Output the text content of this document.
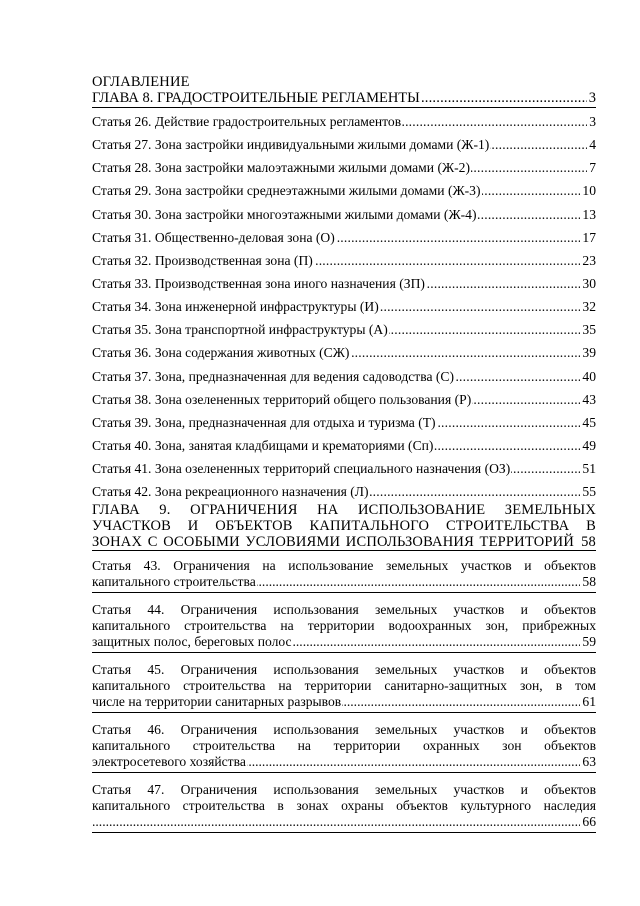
ОГЛАВЛЕНИЕ
.....
ГЛАВА 8. ГРАДОСТРОИТЕЛЬНЫЕ РЕГЛАМЕНТЫ	3
.....
Статья 26. Действие градостроительных регламентов	3
.....
Статья 27. Зона застройки индивидуальными жилыми домами (Ж-1)	4
.....
Статья 28. Зона застройки малоэтажными жилыми домами (Ж-2)	7
.....
Статья 29. Зона застройки среднеэтажными жилыми домами (Ж-3)	10
.....
Статья 30. Зона застройки многоэтажными жилыми домами (Ж-4)	13
.....
Статья 31. Общественно-деловая зона (О)	17
.....
Статья 32. Производственная зона (П)	23
.....
Статья 33. Производственная зона иного назначения (ЗП)	30
.....
Статья 34. Зона инженерной инфраструктуры (И)	32
.....
Статья 35. Зона транспортной инфраструктуры (А)	35
.....
Статья 36. Зона содержания животных (СЖ)	39
.....
Статья 37. Зона, предназначенная для ведения садоводства (С)	40
.....
Статья 38. Зона озелененных территорий общего пользования (Р)	43
.....
Статья 39. Зона, предназначенная для отдыха и туризма (Т)	45
.....
Статья 40. Зона, занятая кладбищами и крематориями (Сп)	49
.....
Статья 41. Зона озелененных территорий специального назначения (ОЗ)	51
.....
Статья 42. Зона рекреационного назначения (Л)	55
ГЛАВА 9. ОГРАНИЧЕНИЯ НА ИСПОЛЬЗОВАНИЕ ЗЕМЕЛЬНЫХ
УЧАСТКОВ И ОБЪЕКТОВ КАПИТАЛЬНОГО СТРОИТЕЛЬСТВА В
ЗОНАХ С ОСОБЫМИ УСЛОВИЯМИ ИСПОЛЬЗОВАНИЯ ТЕРРИТОРИЙ 58
Статья 43. Ограничения на использование земельных участков и объектов
.....
капитального строительства	58
Статья 44. Ограничения использования земельных участков и объектов
капитального строительства на территории водоохранных зон, прибрежных
.....
защитных полос, береговых полос	59
Статья 45. Ограничения использования земельных участков и объектов
капитального строительства на территории санитарно-защитных зон, в том
.....
числе на территории санитарных разрывов	61
Статья 46. Ограничения использования земельных участков и объектов
капитального строительства на территории охранных зон объектов
.....
электросетевого хозяйства	63
Статья 47. Ограничения использования земельных участков и объектов
капитального строительства в зонах охраны объектов культурного наследия
.....
66
